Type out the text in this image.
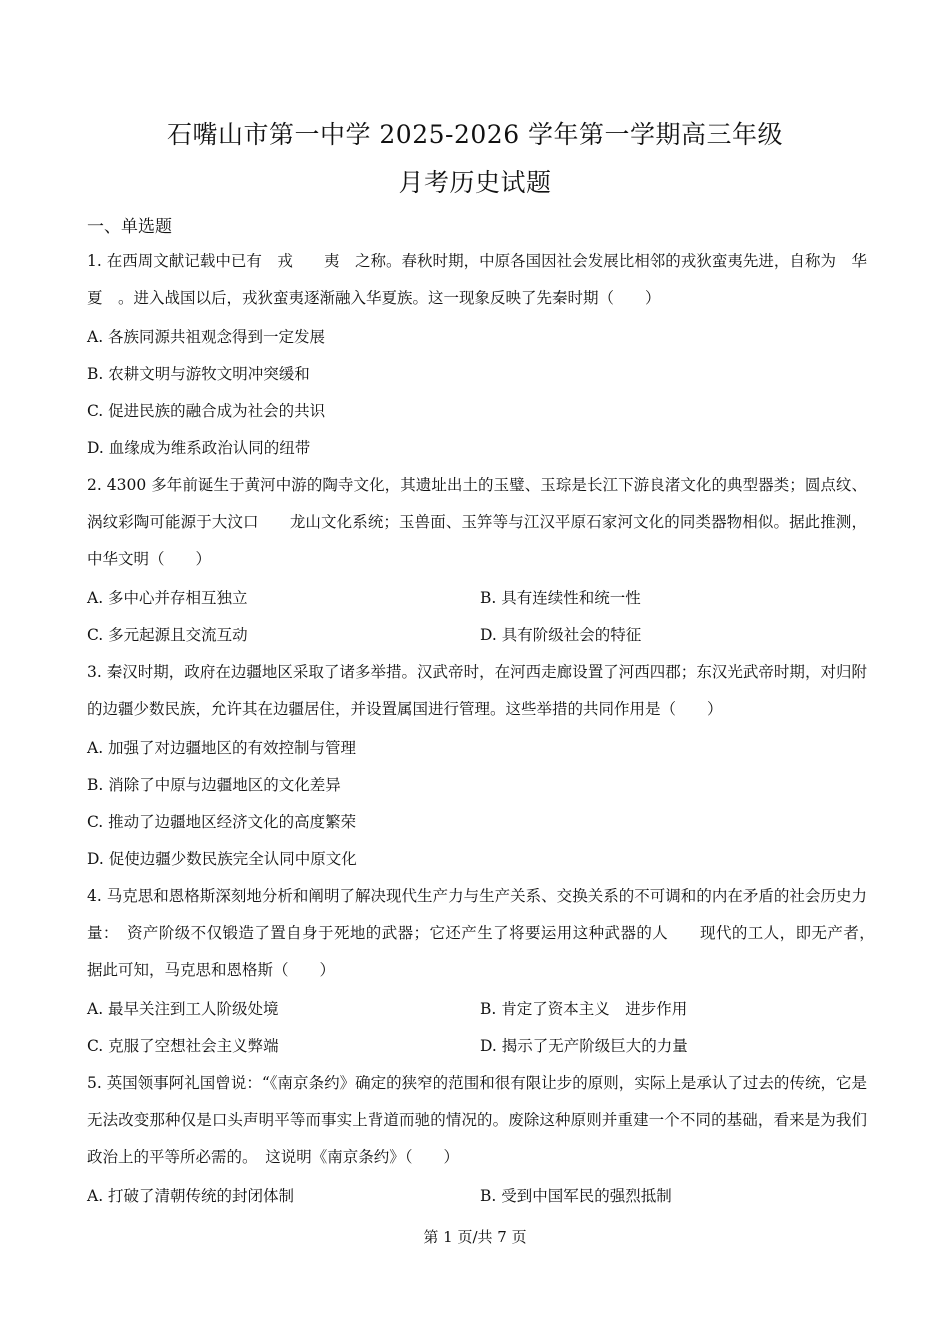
石嘴山市第一中学 2025-2026 学年第一学期高三年级
月考历史试题
一、单选题
1. 在西周文献记载中已有　戎　　夷　之称。春秋时期，中原各国因社会发展比相邻的戎狄蛮夷先进，自称为　华夏　。进入战国以后，戎狄蛮夷逐渐融入华夏族。这一现象反映了先秦时期（　　）
A. 各族同源共祖观念得到一定发展
B. 农耕文明与游牧文明冲突缓和
C. 促进民族的融合成为社会的共识
D. 血缘成为维系政治认同的纽带
2. 4300 多年前诞生于黄河中游的陶寺文化，其遗址出土的玉璧、玉琮是长江下游良渚文化的典型器类；圆点纹、涡纹彩陶可能源于大汶口　　龙山文化系统；玉兽面、玉笄等与江汉平原石家河文化的同类器物相似。据此推测，中华文明（　　）
A. 多中心并存相互独立	B. 具有连续性和统一性
C. 多元起源且交流互动	D. 具有阶级社会的特征
3. 秦汉时期，政府在边疆地区采取了诸多举措。汉武帝时，在河西走廊设置了河西四郡；东汉光武帝时期，对归附的边疆少数民族，允许其在边疆居住，并设置属国进行管理。这些举措的共同作用是（　　）
A. 加强了对边疆地区的有效控制与管理
B. 消除了中原与边疆地区的文化差异
C. 推动了边疆地区经济文化的高度繁荣
D. 促使边疆少数民族完全认同中原文化
4. 马克思和恩格斯深刻地分析和阐明了解决现代生产力与生产关系、交换关系的不可调和的内在矛盾的社会历史力量：　资产阶级不仅锻造了置自身于死地的武器；它还产生了将要运用这种武器的人　　现代的工人，即无产者，　据此可知，马克思和恩格斯（　　）
A. 最早关注到工人阶级处境	B. 肯定了资本主义　进步作用
C. 克服了空想社会主义弊端	D. 揭示了无产阶级巨大的力量
5. 英国领事阿礼国曾说：“《南京条约》确定的狭窄的范围和很有限让步的原则，实际上是承认了过去的传统，它是无法改变那种仅是口头声明平等而事实上背道而驰的情况的。废除这种原则并重建一个不同的基础，看来是为我们政治上的平等所必需的。　这说明《南京条约》（　　）
A. 打破了清朝传统的封闭体制	B. 受到中国军民的强烈抵制
第 1 页/共 7 页
